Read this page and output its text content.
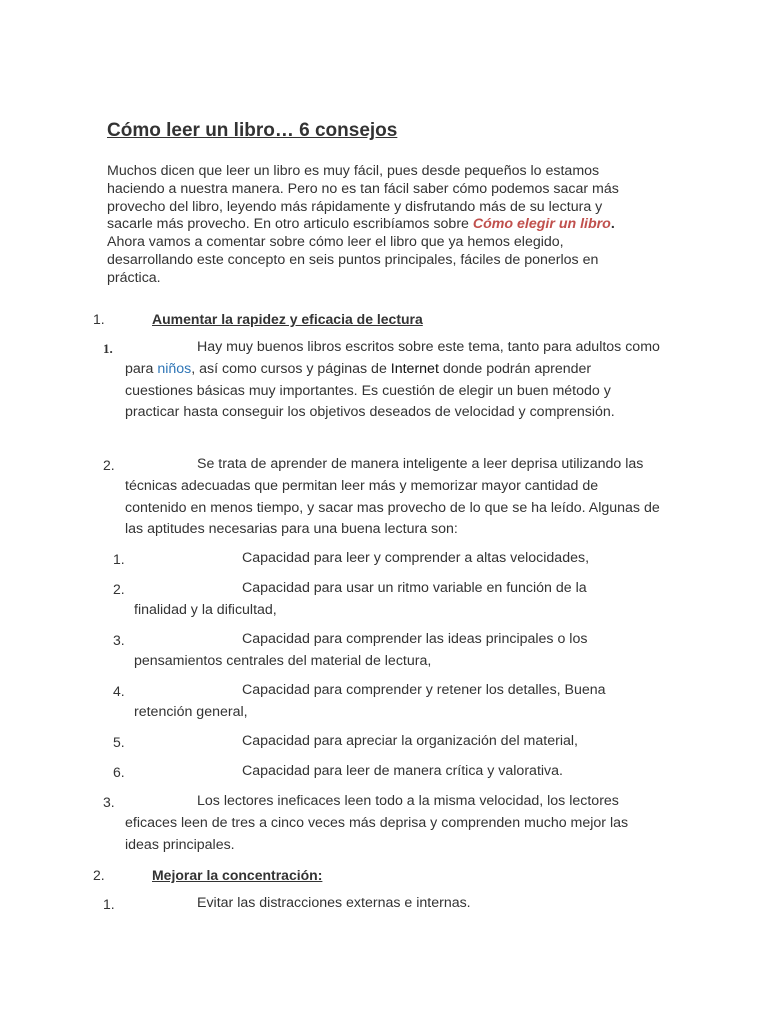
Cómo leer un libro… 6 consejos
Muchos dicen que leer un libro es muy fácil, pues desde pequeños lo estamos haciendo a nuestra manera. Pero no es tan fácil saber cómo podemos sacar más provecho del libro, leyendo más rápidamente y disfrutando más de su lectura y sacarle más provecho. En otro articulo escribíamos sobre Cómo elegir un libro. Ahora vamos a comentar sobre cómo leer el libro que ya hemos elegido, desarrollando este concepto en seis puntos principales, fáciles de ponerlos en práctica.
1.	Aumentar la rapidez y eficacia de lectura
1.	Hay muy buenos libros escritos sobre este tema, tanto para adultos como para niños, así como cursos y páginas de Internet donde podrán aprender cuestiones básicas muy importantes. Es cuestión de elegir un buen método y practicar hasta conseguir los objetivos deseados de velocidad y comprensión.
2.	Se trata de aprender de manera inteligente a leer deprisa utilizando las técnicas adecuadas que permitan leer más y memorizar mayor cantidad de contenido en menos tiempo, y sacar mas provecho de lo que se ha leído. Algunas de las aptitudes necesarias para una buena lectura son:
1.	Capacidad para leer y comprender a altas velocidades,
2.	Capacidad para usar un ritmo variable en función de la finalidad y la dificultad,
3.	Capacidad para comprender las ideas principales o los pensamientos centrales del material de lectura,
4.	Capacidad para comprender y retener los detalles, Buena retención general,
5.	Capacidad para apreciar la organización del material,
6.	Capacidad para leer de manera crítica y valorativa.
3.	Los lectores ineficaces leen todo a la misma velocidad, los lectores eficaces leen de tres a cinco veces más deprisa y comprenden mucho mejor las ideas principales.
2.	Mejorar la concentración:
1.	Evitar las distracciones externas e internas.
